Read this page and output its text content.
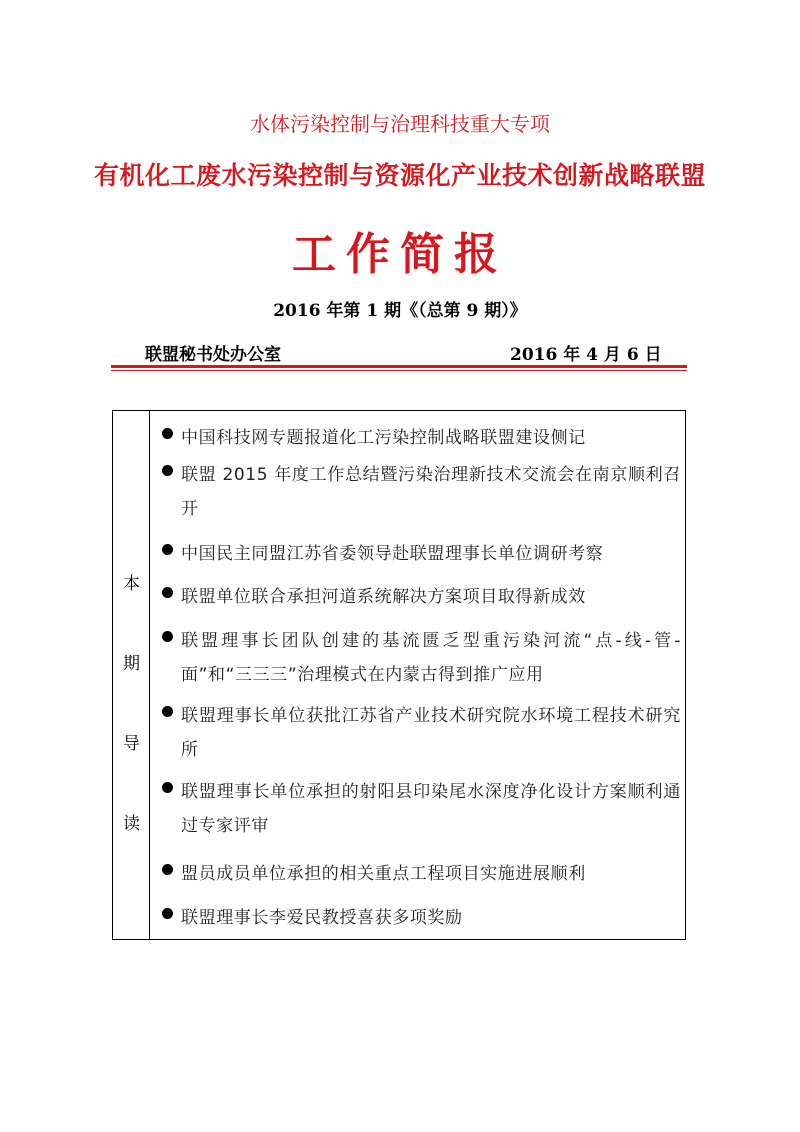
水体污染控制与治理科技重大专项
有机化工废水污染控制与资源化产业技术创新战略联盟
工作简报
2016 年第 1 期《（总第 9 期）》
联盟秘书处办公室	2016 年 4 月 6 日
本
期
导
读
中国科技网专题报道化工污染控制战略联盟建设侧记
联盟 2015 年度工作总结暨污染治理新技术交流会在南京顺利召开
中国民主同盟江苏省委领导赴联盟理事长单位调研考察
联盟单位联合承担河道系统解决方案项目取得新成效
联盟理事长团队创建的基流匮乏型重污染河流“点-线-管-面”和“三三三”治理模式在内蒙古得到推广应用
联盟理事长单位获批江苏省产业技术研究院水环境工程技术研究所
联盟理事长单位承担的射阳县印染尾水深度净化设计方案顺利通过专家评审
盟员成员单位承担的相关重点工程项目实施进展顺利
联盟理事长李爱民教授喜获多项奖励
